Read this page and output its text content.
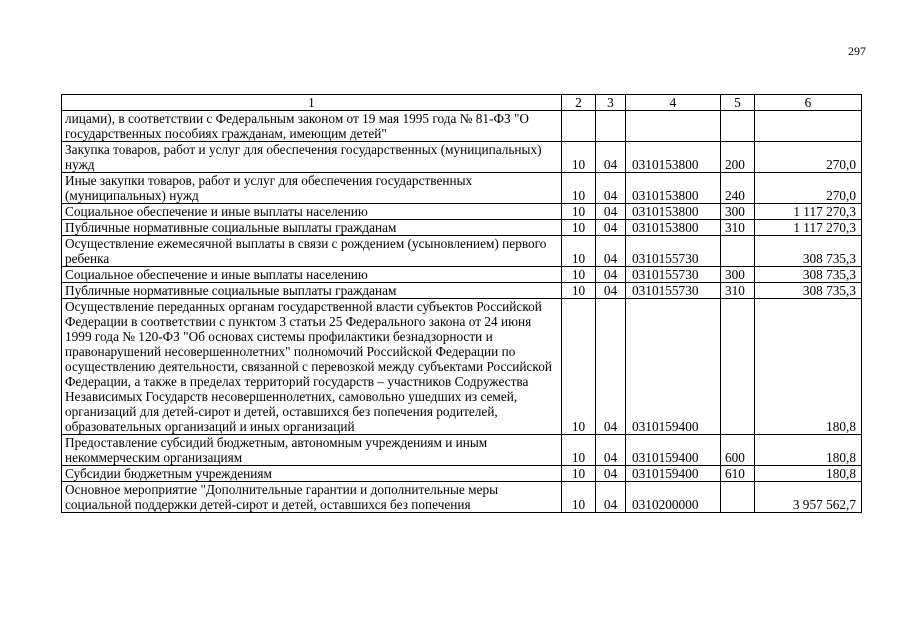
297
1	2	3	4	5	6
лицами), в соответствии с Федеральным законом от 19 мая 1995 года № 81-ФЗ "О государственных пособиях гражданам, имеющим детей"					
Закупка товаров, работ и услуг для обеспечения государственных (муниципальных) нужд	10	04	0310153800	200	270,0
Иные закупки товаров, работ и услуг для обеспечения государственных (муниципальных) нужд	10	04	0310153800	240	270,0
Социальное обеспечение и иные выплаты населению	10	04	0310153800	300	1 117 270,3
Публичные нормативные социальные выплаты гражданам	10	04	0310153800	310	1 117 270,3
Осуществление ежемесячной выплаты в связи с рождением (усыновлением) первого ребенка	10	04	0310155730		308 735,3
Социальное обеспечение и иные выплаты населению	10	04	0310155730	300	308 735,3
Публичные нормативные социальные выплаты гражданам	10	04	0310155730	310	308 735,3
Осуществление переданных органам государственной власти субъектов Российской Федерации в соответствии с пунктом 3 статьи 25 Федерального закона от 24 июня 1999 года № 120-ФЗ "Об основах системы профилактики безнадзорности и правонарушений несовершеннолетних" полномочий Российской Федерации по осуществлению деятельности, связанной с перевозкой между субъектами Российской Федерации, а также в пределах территорий государств – участников Содружества Независимых Государств несовершеннолетних, самовольно ушедших из семей, организаций для детей-сирот и детей, оставшихся без попечения родителей, образовательных организаций и иных организаций	10	04	0310159400		180,8
Предоставление субсидий бюджетным, автономным учреждениям и иным некоммерческим организациям	10	04	0310159400	600	180,8
Субсидии бюджетным учреждениям	10	04	0310159400	610	180,8
Основное мероприятие "Дополнительные гарантии и дополнительные меры социальной поддержки детей-сирот и детей, оставшихся без попечения	10	04	0310200000		3 957 562,7
